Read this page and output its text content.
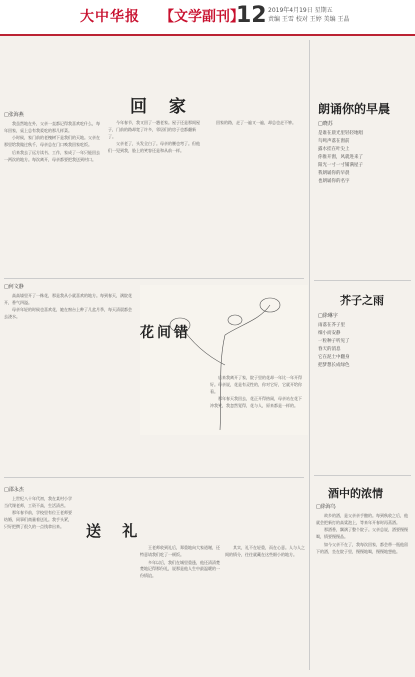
大中华报 【文学副刊】
12 2019年4月19日 星期五
责编 王雪 校对 王婷 美编 王晶
回 家
□张海燕

我虽然地在外，父亲一直都记得我喜欢吃什么，每年回家，桌上总有我爱吃的那几样菜。

小时候，家门前的老槐树下是我们的天地。父亲在那里给我做过秋千，母亲总在门口唤我回家吃饭。

后来我去了远方读书、工作，家成了一年只能回去一两次的地方。每次离开，母亲都要把我送到村口。

今年春节，我又回了一趟老家。屋子还是那间屋子，门前的路却宽了许多，邻居们的房子也都翻新了。

父亲老了，头发全白了。母亲的腰也弯了。但他们一见到我，脸上的笑容还是和从前一样。

回家的路，走了一遍又一遍，却总也走不够。

□何文静

高高墙里开了一株花，那是我从小就喜欢的地方。每到春天，满院花开，香气四溢。

母亲年轻的时候也喜欢花，她在窗台上种了几盆月季，每天清晨都会去浇水。

花间错

后来我离开了家，院子里的花却一年比一年开得好。母亲说，花是有灵性的，你对它好，它就开给你看。

那年春天我回去，花正开得热闹，母亲站在花下冲我笑，我忽然觉得，花与人，原来都是一样的。

送 礼
□邵永杰

上世纪八十年代初，我在某村小学当代课老师，工资不高，生活清苦。

那年春节前，学校里有位王老师要结婚，同事们商量着送礼。我手头紧，只好把攒了很久的一点钱拿出来。

王老师收到礼后，郑重地向大家道谢，还特意请我们吃了一顿饭。

多年以后，我们在城里重逢，他还清清楚楚地记得那份礼，说那是他人生中最温暖的一份情谊。

其实，礼不在轻重，而在心意。人与人之间的情分，往往就藏在这些细小的地方。

朗诵你的早晨
□晓苏
是谁在晨光里轻轻地唱
鸟鸣声落在窗前
露水挂在叶尖上
你推开窗，风就进来了
阳光一寸一寸铺满屋子
我朗诵你的早晨
也朗诵你的名字
芥子之雨
□徐琳宇
雨落在芥子里
细小而安静
一粒种子听见了
春天的消息
它在泥土中翻身
把梦想长成绿色
酒中的浓情
□徐海鸟

故乡的酒，是父亲亲手酿的。每到秋收之后，他就会把新打的高粱泡上，等来年开春时再蒸酒。

那酒香，飘满了整个院子。父亲总说，酒要慢慢喝，情要慢慢品。

如今父亲不在了，我每次回家，都会带一瓶他留下的酒，坐在院子里，慢慢地喝，慢慢地想他。
